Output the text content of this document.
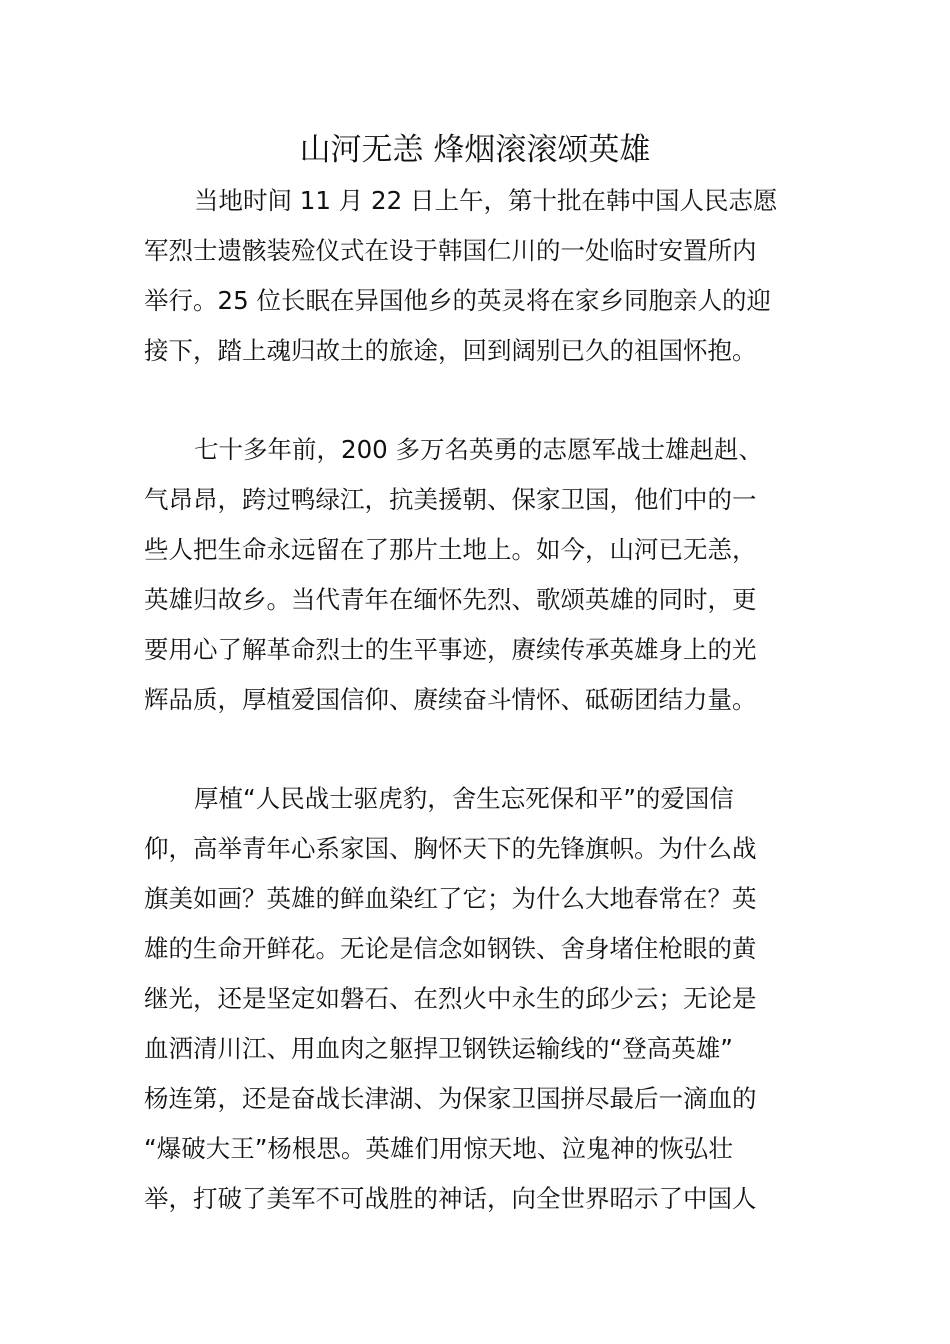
山河无恙 烽烟滚滚颂英雄
当地时间 11 月 22 日上午，第十批在韩中国人民志愿
军烈士遗骸装殓仪式在设于韩国仁川的一处临时安置所内
举行。25 位长眠在异国他乡的英灵将在家乡同胞亲人的迎
接下，踏上魂归故土的旅途，回到阔别已久的祖国怀抱。
七十多年前，200 多万名英勇的志愿军战士雄赳赳、
气昂昂，跨过鸭绿江，抗美援朝、保家卫国，他们中的一
些人把生命永远留在了那片土地上。如今，山河已无恙，
英雄归故乡。当代青年在缅怀先烈、歌颂英雄的同时，更
要用心了解革命烈士的生平事迹，赓续传承英雄身上的光
辉品质，厚植爱国信仰、赓续奋斗情怀、砥砺团结力量。
厚植“人民战士驱虎豹，舍生忘死保和平”的爱国信
仰，高举青年心系家国、胸怀天下的先锋旗帜。为什么战
旗美如画？英雄的鲜血染红了它；为什么大地春常在？英
雄的生命开鲜花。无论是信念如钢铁、舍身堵住枪眼的黄
继光，还是坚定如磐石、在烈火中永生的邱少云；无论是
血洒清川江、用血肉之躯捍卫钢铁运输线的“登高英雄”
杨连第，还是奋战长津湖、为保家卫国拼尽最后一滴血的
“爆破大王”杨根思。英雄们用惊天地、泣鬼神的恢弘壮
举，打破了美军不可战胜的神话，向全世界昭示了中国人
